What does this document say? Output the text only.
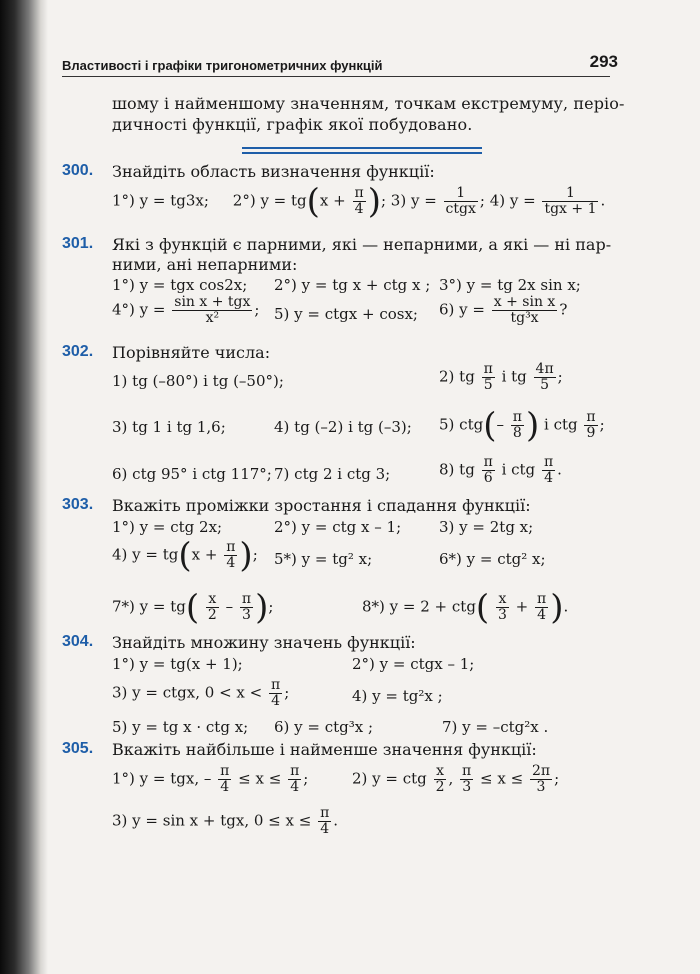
Властивості і графіки тригонометричних функцій	293
шому і найменшому значенням, точкам екстремуму, періо-
дичності функції, графік якої побудовано.
300. Знайдіть область визначення функції:
1°) y = tg3x; 2°) $y = tg(x + \frac{\pi}{4}$ ); 3) $y = \frac{1}{\text{ctgx}}$ ; 4) $y = \frac{1}{\text{tgx + 1}}$ .
301. Які з функцій є парними, які — непарними, а які — ні пар-
ними, ані непарними:
1°) y = tgx cos2x; 2°) y = tg x + ctg x ; 3°) y = tg 2x sin x;
4°) $y = \frac{\text{sin x + tgx}}{\text{x²}}$ ; 5) y = ctgx + cosx; 6) $y = \frac{\text{x + sin x}}{\text{tg³x}}$ ?
302. Порівняйте числа:
1) tg (–80°) і tg (–50°);	2) tg $\frac{\pi}{5}$ і tg $\frac{4\pi}{5}$ ;
3) tg 1 і tg 1,6;	4) tg (–2) і tg (–3); 5) $ctg(- \frac{\pi}{8}$ ) і ctg $\frac{\pi}{9}$ ;
6) ctg 95° і ctg 117°; 7) ctg 2 і ctg 3;	8) tg $\frac{\pi}{6}$ і ctg $\frac{\pi}{4}$ .
303. Вкажіть проміжки зростання і спадання функції:
1°) y = ctg 2x;	2°) y = ctg x – 1;	3) y = 2tg x;
4) $y = tg(x + \frac{\pi}{4}$ ); 5*) y = tg² x;	6*) y = ctg² x;
7*) $y = tg( \frac{x}{2} - \frac{\pi}{3}$ );	8*) $y = 2 + ctg( \frac{x}{3} + \frac{\pi}{4}$ ).
304. Знайдіть множину значень функції:
1°) y = tg(x + 1);	2°) y = ctgx – 1;
3) y = ctgx, $0 < x < \frac{\pi}{4}$ ;	4) y = tg²x ;
5) y = tg x · ctg x; 6) y = ctg³x ;	7) y = –ctg²x .
305. Вкажіть найбільше і найменше значення функції:
1°) y = tgx, – $\frac{\pi}{4} \le x \le \frac{\pi}{4}$ ;	2) y = ctg $\frac{x}{2}$ , $\frac{\pi}{3} \le x \le \frac{2\pi}{3}$ ;
3) y = sin x + tgx, $0 \le x \le \frac{\pi}{4}$ .
